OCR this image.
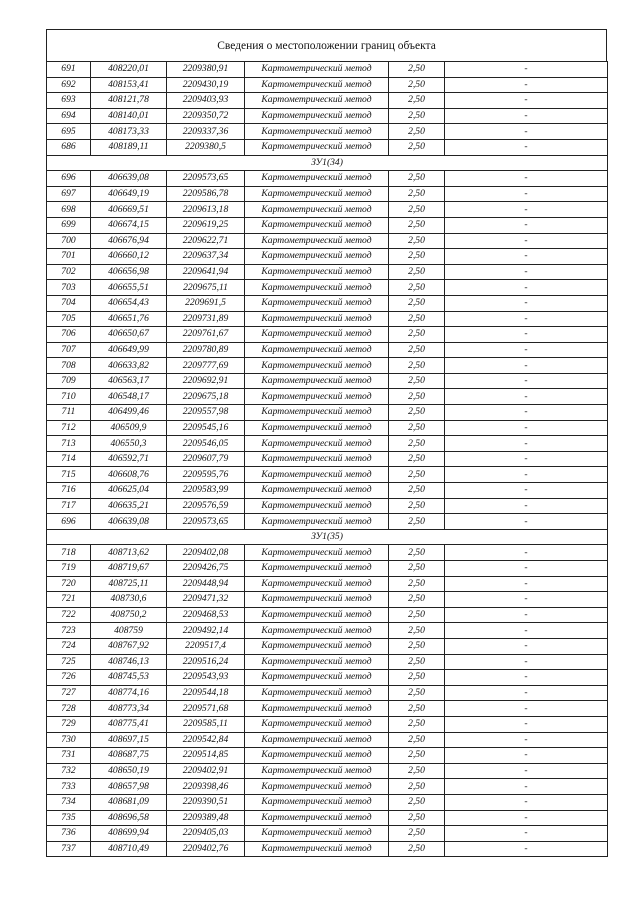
Сведения о местоположении границ объекта
691	408220,01	2209380,91	Картометрический метод	2,50	-
692	408153,41	2209430,19	Картометрический метод	2,50	-
693	408121,78	2209403,93	Картометрический метод	2,50	-
694	408140,01	2209350,72	Картометрический метод	2,50	-
695	408173,33	2209337,36	Картометрический метод	2,50	-
686	408189,11	2209380,5	Картометрический метод	2,50	-
ЗУ1(34)					
696	406639,08	2209573,65	Картометрический метод	2,50	-
697	406649,19	2209586,78	Картометрический метод	2,50	-
698	406669,51	2209613,18	Картометрический метод	2,50	-
699	406674,15	2209619,25	Картометрический метод	2,50	-
700	406676,94	2209622,71	Картометрический метод	2,50	-
701	406660,12	2209637,34	Картометрический метод	2,50	-
702	406656,98	2209641,94	Картометрический метод	2,50	-
703	406655,51	2209675,11	Картометрический метод	2,50	-
704	406654,43	2209691,5	Картометрический метод	2,50	-
705	406651,76	2209731,89	Картометрический метод	2,50	-
706	406650,67	2209761,67	Картометрический метод	2,50	-
707	406649,99	2209780,89	Картометрический метод	2,50	-
708	406633,82	2209777,69	Картометрический метод	2,50	-
709	406563,17	2209692,91	Картометрический метод	2,50	-
710	406548,17	2209675,18	Картометрический метод	2,50	-
711	406499,46	2209557,98	Картометрический метод	2,50	-
712	406509,9	2209545,16	Картометрический метод	2,50	-
713	406550,3	2209546,05	Картометрический метод	2,50	-
714	406592,71	2209607,79	Картометрический метод	2,50	-
715	406608,76	2209595,76	Картометрический метод	2,50	-
716	406625,04	2209583,99	Картометрический метод	2,50	-
717	406635,21	2209576,59	Картометрический метод	2,50	-
696	406639,08	2209573,65	Картометрический метод	2,50	-
ЗУ1(35)					
718	408713,62	2209402,08	Картометрический метод	2,50	-
719	408719,67	2209426,75	Картометрический метод	2,50	-
720	408725,11	2209448,94	Картометрический метод	2,50	-
721	408730,6	2209471,32	Картометрический метод	2,50	-
722	408750,2	2209468,53	Картометрический метод	2,50	-
723	408759	2209492,14	Картометрический метод	2,50	-
724	408767,92	2209517,4	Картометрический метод	2,50	-
725	408746,13	2209516,24	Картометрический метод	2,50	-
726	408745,53	2209543,93	Картометрический метод	2,50	-
727	408774,16	2209544,18	Картометрический метод	2,50	-
728	408773,34	2209571,68	Картометрический метод	2,50	-
729	408775,41	2209585,11	Картометрический метод	2,50	-
730	408697,15	2209542,84	Картометрический метод	2,50	-
731	408687,75	2209514,85	Картометрический метод	2,50	-
732	408650,19	2209402,91	Картометрический метод	2,50	-
733	408657,98	2209398,46	Картометрический метод	2,50	-
734	408681,09	2209390,51	Картометрический метод	2,50	-
735	408696,58	2209389,48	Картометрический метод	2,50	-
736	408699,94	2209405,03	Картометрический метод	2,50	-
737	408710,49	2209402,76	Картометрический метод	2,50	-
